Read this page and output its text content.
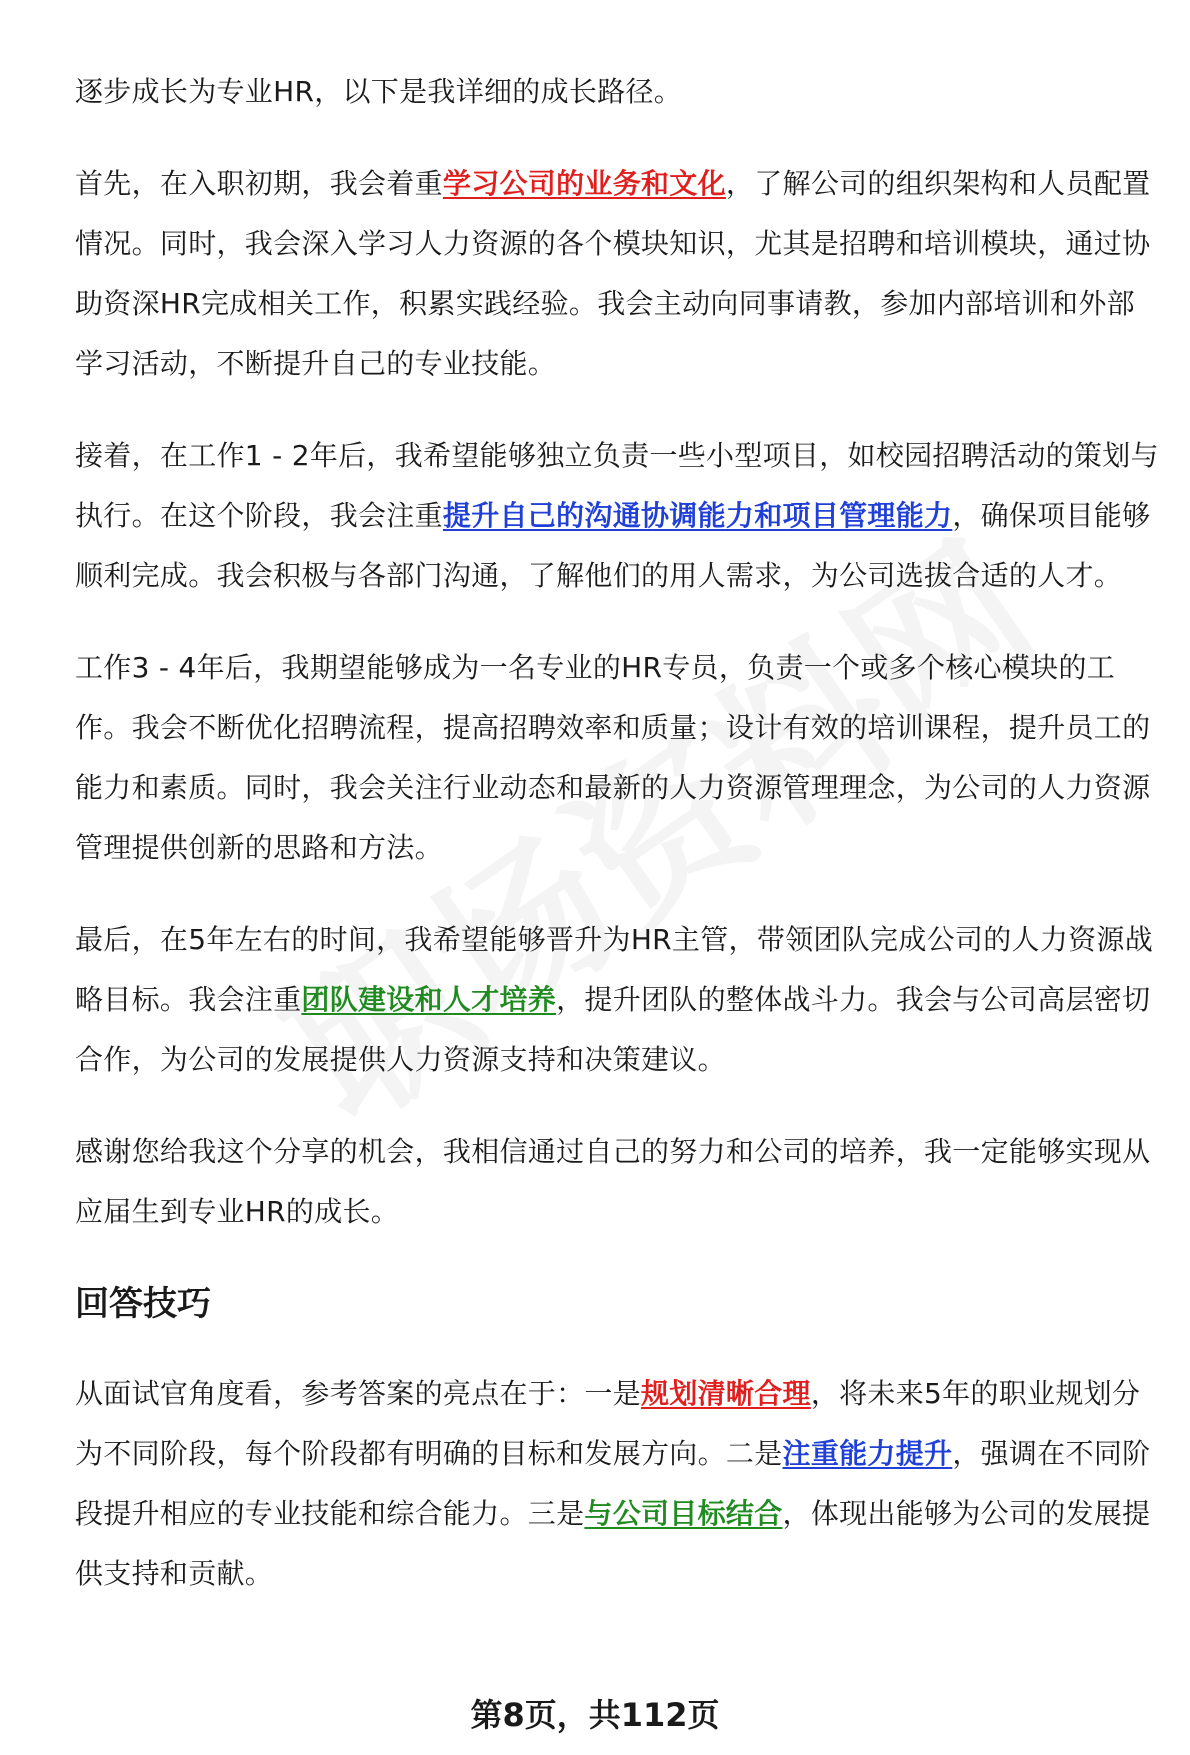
逐步成长为专业HR，以下是我详细的成长路径。

首先，在入职初期，我会着重学习公司的业务和文化，了解公司的组织架构和人员配置情况。同时，我会深入学习人力资源的各个模块知识，尤其是招聘和培训模块，通过协助资深HR完成相关工作，积累实践经验。我会主动向同事请教，参加内部培训和外部学习活动，不断提升自己的专业技能。

接着，在工作1 - 2年后，我希望能够独立负责一些小型项目，如校园招聘活动的策划与执行。在这个阶段，我会注重提升自己的沟通协调能力和项目管理能力，确保项目能够顺利完成。我会积极与各部门沟通，了解他们的用人需求，为公司选拔合适的人才。

工作3 - 4年后，我期望能够成为一名专业的HR专员，负责一个或多个核心模块的工作。我会不断优化招聘流程，提高招聘效率和质量；设计有效的培训课程，提升员工的能力和素质。同时，我会关注行业动态和最新的人力资源管理理念，为公司的人力资源管理提供创新的思路和方法。

最后，在5年左右的时间，我希望能够晋升为HR主管，带领团队完成公司的人力资源战略目标。我会注重团队建设和人才培养，提升团队的整体战斗力。我会与公司高层密切合作，为公司的发展提供人力资源支持和决策建议。

感谢您给我这个分享的机会，我相信通过自己的努力和公司的培养，我一定能够实现从应届生到专业HR的成长。

回答技巧

从面试官角度看，参考答案的亮点在于：一是规划清晰合理，将未来5年的职业规划分为不同阶段，每个阶段都有明确的目标和发展方向。二是注重能力提升，强调在不同阶段提升相应的专业技能和综合能力。三是与公司目标结合，体现出能够为公司的发展提供支持和贡献。

第8页，共112页
